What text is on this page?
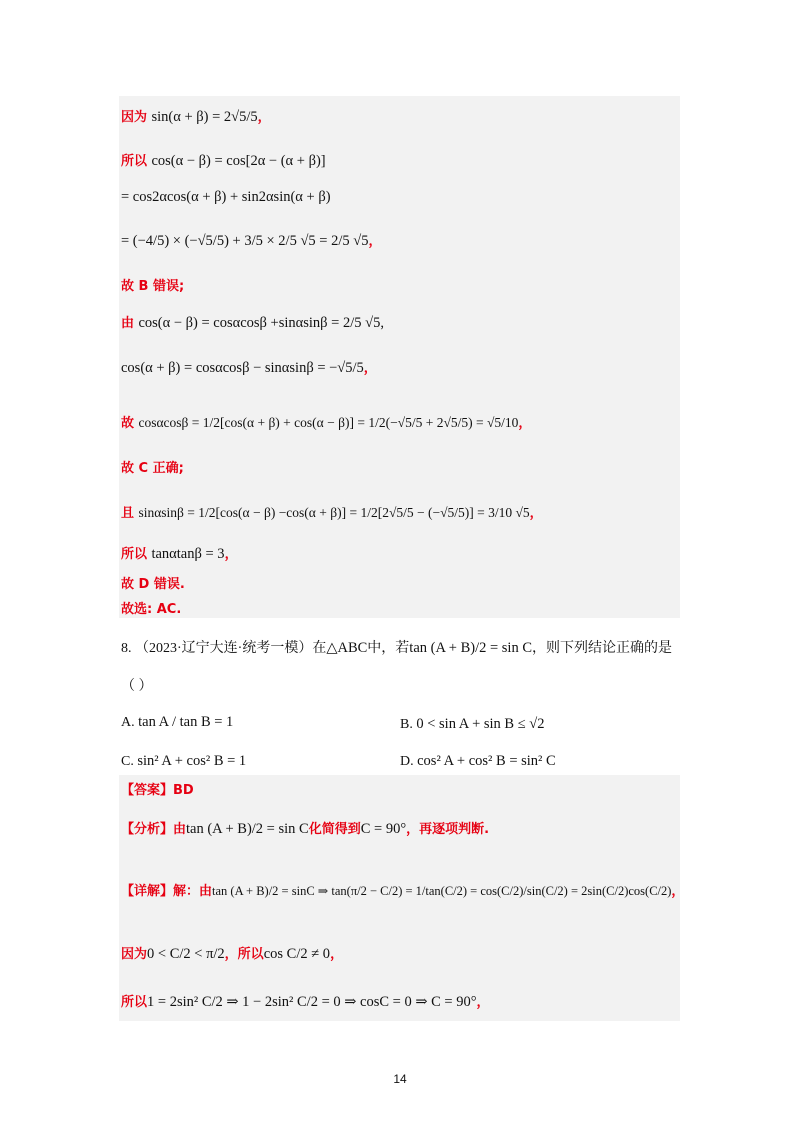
因为 sin(α + β) = 2√5/5，
所以 cos(α − β) = cos[2α − (α + β)]
= cos2αcos(α + β) + sin2αsin(α + β)
= (−4/5) × (−√5/5) + 3/5 × 2/5 √5 = 2/5 √5，
故 B 错误;
由 cos(α − β) = cosαcosβ +sinαsinβ = 2/5 √5,
cos(α + β) = cosαcosβ − sinαsinβ = −√5/5，
故 cosαcosβ = 1/2[cos(α + β) + cos(α − β)] = 1/2(−√5/5 + 2√5/5) = √5/10，
故 C 正确;
且 sinαsinβ = 1/2[cos(α − β) −cos(α + β)] = 1/2[2√5/5 − (−√5/5)] = 3/10 √5，
所以 tanαtanβ = 3，
故 D 错误.
故选: AC.
8. （2023·辽宁大连·统考一模）在△ABC中，若tan (A + B)/2 = sin C，则下列结论正确的是
（ ）
A. tan A / tan B = 1	B. 0 < sin A + sin B ≤ √2
C. sin² A + cos² B = 1	D. cos² A + cos² B = sin² C
【答案】BD
【分析】由tan (A + B)/2 = sin C化简得到C = 90°，再逐项判断.
【详解】解：由tan (A + B)/2 = sinC ⇒ tan(π/2 − C/2) = 1/tan(C/2) = cos(C/2)/sin(C/2) = 2sin(C/2)cos(C/2)，
因为0 < C/2 < π/2，所以cos C/2 ≠ 0，
所以1 = 2sin² C/2 ⇒ 1 − 2sin² C/2 = 0 ⇒ cosC = 0 ⇒ C = 90°，
14
